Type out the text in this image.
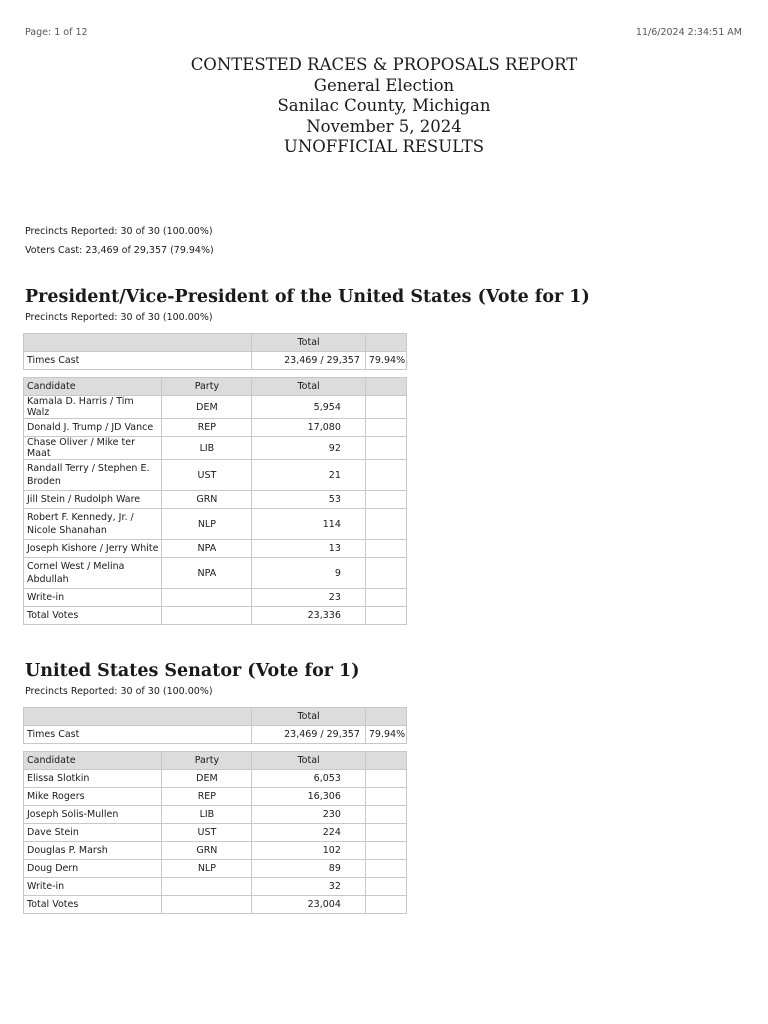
Page: 1 of 12	11/6/2024 2:34:51 AM
CONTESTED RACES & PROPOSALS REPORT
General Election
Sanilac County, Michigan
November 5, 2024
UNOFFICIAL RESULTS
Precincts Reported: 30 of 30 (100.00%)
Voters Cast: 23,469 of 29,357 (79.94%)
President/Vice-President of the United States (Vote for 1)
Precincts Reported: 30 of 30 (100.00%)
		Total	
Times Cast		23,469 / 29,357	79.94%

Candidate	Party	Total	
Kamala D. Harris / Tim Walz	DEM	5,954	
Donald J. Trump / JD Vance	REP	17,080	
Chase Oliver / Mike ter Maat	LIB	92	
Randall Terry / Stephen E. Broden	UST	21	
Jill Stein / Rudolph Ware	GRN	53	
Robert F. Kennedy, Jr. / Nicole Shanahan	NLP	114	
Joseph Kishore / Jerry White	NPA	13	
Cornel West / Melina Abdullah	NPA	9	
Write-in		23	
Total Votes		23,336	
United States Senator (Vote for 1)
Precincts Reported: 30 of 30 (100.00%)
		Total	
Times Cast		23,469 / 29,357	79.94%

Candidate	Party	Total	
Elissa Slotkin	DEM	6,053	
Mike Rogers	REP	16,306	
Joseph Solis-Mullen	LIB	230	
Dave Stein	UST	224	
Douglas P. Marsh	GRN	102	
Doug Dern	NLP	89	
Write-in		32	
Total Votes		23,004	
